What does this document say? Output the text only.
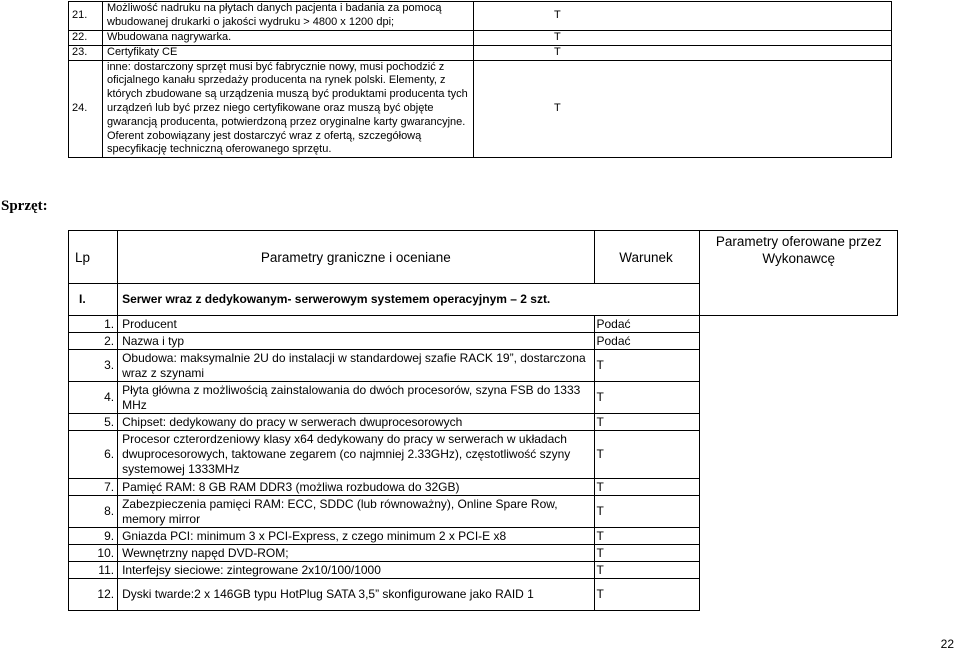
21.	Możliwość nadruku na płytach danych pacjenta i badania za pomocą wbudowanej drukarki o jakości wydruku > 4800 x 1200 dpi;	T
22.	Wbudowana nagrywarka.	T
23.	Certyfikaty CE	T
24.	inne: dostarczony sprzęt musi być fabrycznie nowy, musi pochodzić z oficjalnego kanału sprzedaży producenta na rynek polski. Elementy, z których zbudowane są urządzenia muszą być produktami producenta tych urządzeń lub być przez niego certyfikowane oraz muszą być objęte gwarancją producenta, potwierdzoną przez oryginalne karty gwarancyjne. Oferent zobowiązany jest dostarczyć wraz z ofertą, szczegółową specyfikację techniczną oferowanego sprzętu.	T
Sprzęt:
Lp	Parametry graniczne i oceniane	Warunek	Parametry oferowane przez Wykonawcę
I.	Serwer wraz z dedykowanym- serwerowym systemem operacyjnym – 2 szt.		
1.	Producent	Podać	
2.	Nazwa i typ	Podać	
3.	Obudowa: maksymalnie 2U do instalacji w standardowej szafie RACK 19”, dostarczona wraz z szynami	T	
4.	Płyta główna z możliwością zainstalowania do dwóch procesorów, szyna FSB do 1333 MHz	T	
5.	Chipset: dedykowany do pracy w serwerach dwuprocesorowych	T	
6.	Procesor czterordzeniowy klasy x64 dedykowany do pracy w serwerach w układach dwuprocesorowych, taktowane zegarem (co najmniej 2.33GHz), częstotliwość szyny systemowej 1333MHz	T	
7.	Pamięć RAM: 8 GB RAM DDR3 (możliwa rozbudowa do 32GB)	T	
8.	Zabezpieczenia pamięci RAM: ECC, SDDC (lub równoważny), Online Spare Row, memory mirror	T	
9.	Gniazda PCI: minimum 3 x PCI-Express, z czego minimum 2 x PCI-E x8	T	
10.	Wewnętrzny napęd DVD-ROM;	T	
11.	Interfejsy sieciowe: zintegrowane 2x10/100/1000	T	
12.	Dyski twarde:2 x 146GB typu HotPlug SATA 3,5” skonfigurowane jako RAID 1	T	
22
